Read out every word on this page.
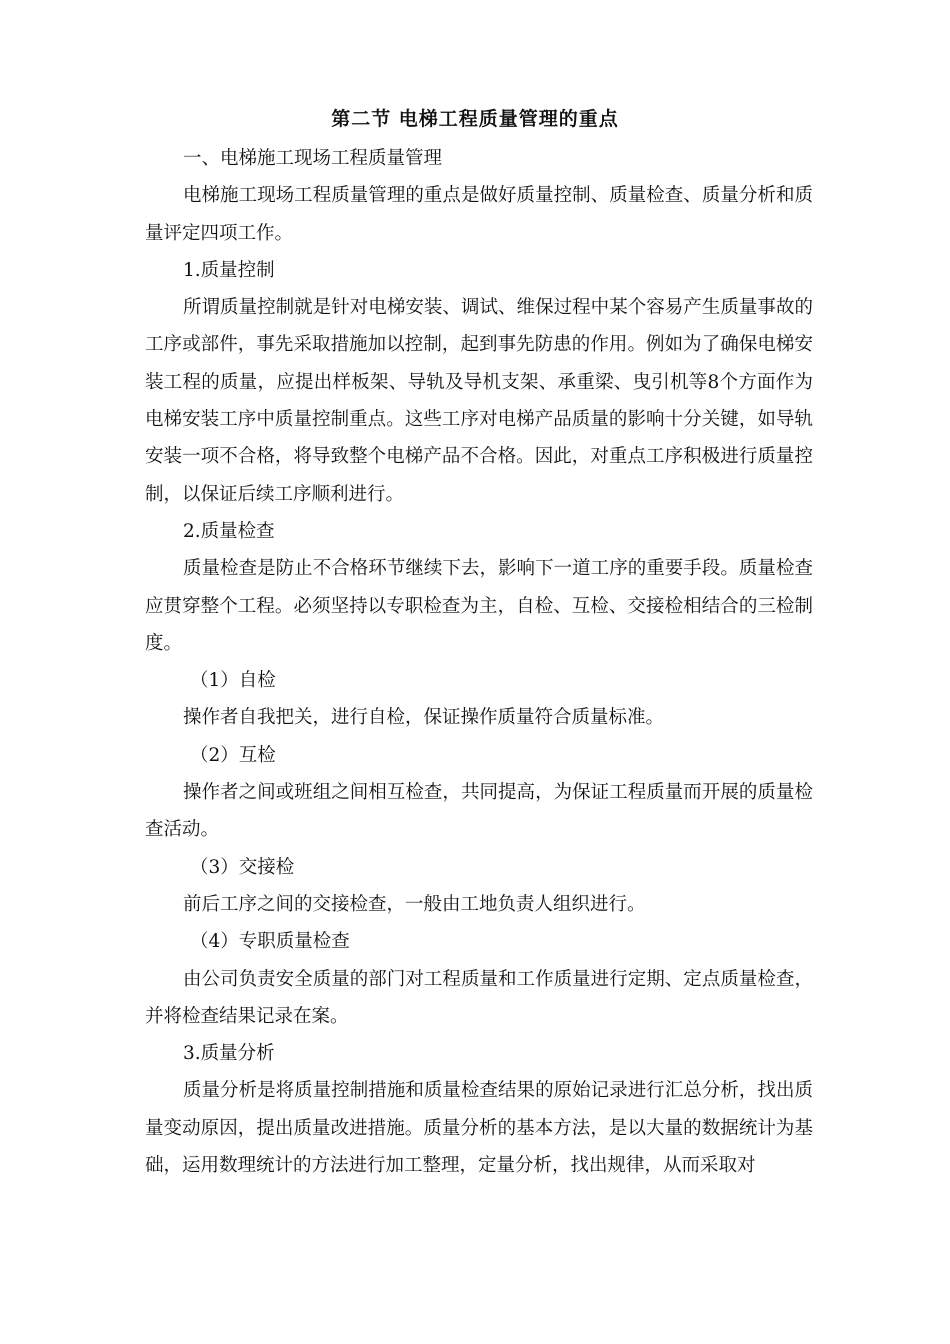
第二节 电梯工程质量管理的重点

一、电梯施工现场工程质量管理

电梯施工现场工程质量管理的重点是做好质量控制、质量检查、质量分析和质量评定四项工作。

1.质量控制

所谓质量控制就是针对电梯安装、调试、维保过程中某个容易产生质量事故的工序或部件，事先采取措施加以控制，起到事先防患的作用。例如为了确保电梯安装工程的质量，应提出样板架、导轨及导机支架、承重梁、曳引机等8个方面作为电梯安装工序中质量控制重点。这些工序对电梯产品质量的影响十分关键，如导轨安装一项不合格，将导致整个电梯产品不合格。因此，对重点工序积极进行质量控制，以保证后续工序顺利进行。

2.质量检查

质量检查是防止不合格环节继续下去，影响下一道工序的重要手段。质量检查应贯穿整个工程。必须坚持以专职检查为主，自检、互检、交接检相结合的三检制度。

（1）自检

操作者自我把关，进行自检，保证操作质量符合质量标准。

（2）互检

操作者之间或班组之间相互检查，共同提高，为保证工程质量而开展的质量检查活动。

（3）交接检

前后工序之间的交接检查，一般由工地负责人组织进行。

（4）专职质量检查

由公司负责安全质量的部门对工程质量和工作质量进行定期、定点质量检查，并将检查结果记录在案。

3.质量分析

质量分析是将质量控制措施和质量检查结果的原始记录进行汇总分析，找出质量变动原因，提出质量改进措施。质量分析的基本方法，是以大量的数据统计为基础，运用数理统计的方法进行加工整理，定量分析，找出规律，从而采取对
